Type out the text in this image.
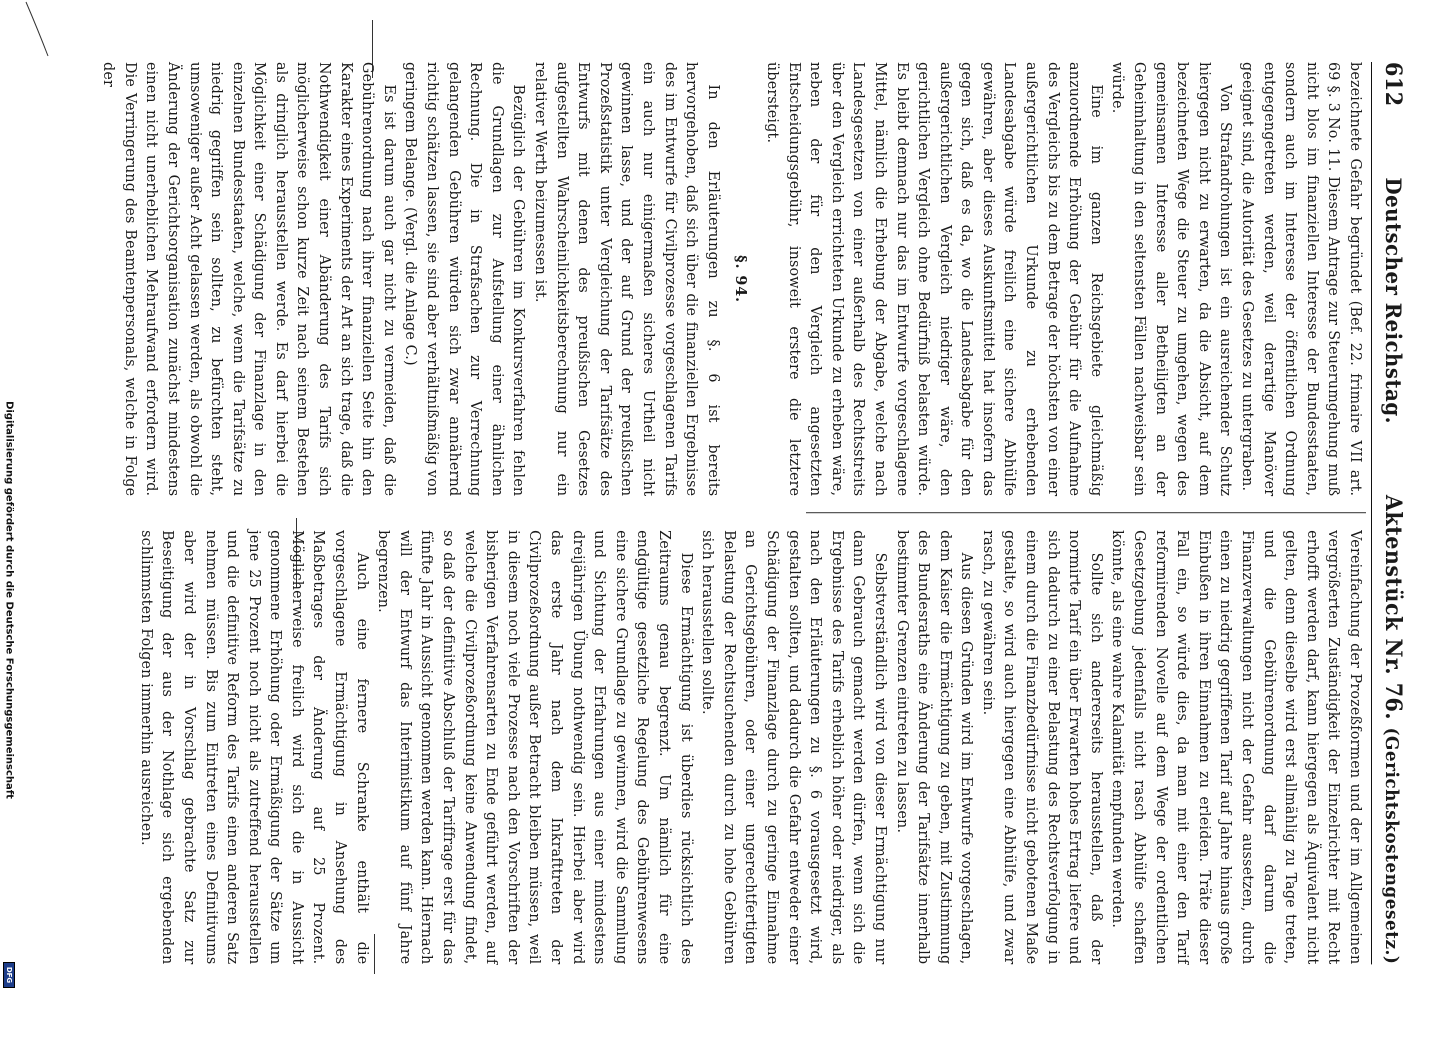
Digitalisierung gefördert durch die Deutsche Forschungsgemeinschaft
DFG
612
Deutscher Reichstag.
Aktenstück Nr. 76. (Gerichtskostengesetz.)

bezeichnete Gefahr begründet (Bef. 22. frimaire VII art. 69 §. 3 No. 11. Diesem Antrage zur Steuerumgehung muß nicht blos im finanziellen Interesse der Bundesstaaten, sondern auch im Interesse der öffentlichen Ordnung entgegengetreten werden, weil derartige Manöver geeignet sind, die Autorität des Gesetzes zu untergraben.

Von Strafandrohungen ist ein ausreichender Schutz hiergegen nicht zu erwarten, da die Absicht, auf dem bezeichneten Wege die Steuer zu umgehen, wegen des gemeinsamen Interesse aller Betheiligten an der Geheimhaltung in den seltensten Fällen nachweisbar sein würde.

Eine im ganzen Reichsgebiete gleichmäßig anzuordnende Erhöhung der Gebühr für die Aufnahme des Vergleichs bis zu dem Betrage der höchsten von einer außergerichtlichen Urkunde zu erhebenden Landesabgabe würde freilich eine sichere Abhülfe gewähren, aber dieses Auskunftsmittel hat insofern das gegen sich, daß es da, wo die Landesabgabe für den außergerichtlichen Vergleich niedriger wäre, den gerichtlichen Vergleich ohne Bedürfniß belasten würde. Es bleibt demnach nur das im Entwurfe vorgeschlagene Mittel, nämlich die Erhebung der Abgabe, welche nach Landesgesetzen von einer außerhalb des Rechtsstreits über den Vergleich errichteten Urkunde zu erheben wäre, neben der für den Vergleich angesetzten Entscheidungsgebühr, insoweit erstere die letztere übersteigt.

§. 94.

In den Erläuterungen zu §. 6 ist bereits hervorgehoben, daß sich über die finanziellen Ergebnisse des im Entwurfe für Civilprozesse vorgeschlagenen Tarifs ein auch nur einigermaßen sicheres Urtheil nicht gewinnen lasse, und der auf Grund der preußischen Prozeßstatistik unter Vergleichung der Tarifsätze des Entwurfs mit denen des preußischen Gesetzes aufgestellten Wahrscheinlichkeitsberechnung nur ein relativer Werth beizumessen ist.

Bezüglich der Gebühren im Konkursverfahren fehlen die Grundlagen zur Aufstellung einer ähnlichen Rechnung. Die in Strafsachen zur Verrechnung gelangenden Gebühren würden sich zwar annähernd richtig schätzen lassen, sie sind aber verhältnißmäßig von geringem Belange. (Vergl. die Anlage C.)

Es ist darum auch gar nicht zu vermeiden, daß die Gebührenordnung nach ihrer finanziellen Seite hin den Karakter eines Experiments der Art an sich trage, daß die Nothwendigkeit einer Abänderung des Tarifs sich möglicherweise schon kurze Zeit nach seinem Bestehen als dringlich herausstellen werde. Es darf hierbei die Möglichkeit einer Schädigung der Finanzlage in den einzelnen Bundesstaaten, welche, wenn die Tarifsätze zu niedrig gegriffen sein sollten, zu befürchten steht, umsoweniger außer Acht gelassen werden, als obwohl die Änderung der Gerichtsorganisation zunächst mindestens einen nicht unerheblichen Mehraufwand erfordern wird. Die Verringerung des Beamtenpersonals, welche in Folge der

Vereinfachung der Prozeßformen und der im Allgemeinen vergrößerten Zuständigkeit der Einzelrichter mit Recht erhofft werden darf, kann hiergegen als Äquivalent nicht gelten, denn dieselbe wird erst allmählig zu Tage treten, und die Gebührenordnung darf darum die Finanzverwaltungen nicht der Gefahr aussetzen, durch einen zu niedrig gegriffenen Tarif auf Jahre hinaus große Einbußen in ihren Einnahmen zu erleiden. Träte dieser Fall ein, so würde dies, da man mit einer den Tarif reformirenden Novelle auf dem Wege der ordentlichen Gesetzgebung jedenfalls nicht rasch Abhülfe schaffen könnte, als eine wahre Kalamität empfunden werden.

Sollte sich andererseits herausstellen, daß der normirte Tarif ein über Erwarten hohes Ertrag liefere und sich dadurch zu einer Belastung des Rechtsverfolgung in einem durch die Finanzbedürfnisse nicht gebotenen Maße gestalte, so wird auch hiergegen eine Abhülfe, und zwar rasch, zu gewähren sein.

Aus diesen Gründen wird im Entwurfe vorgeschlagen, dem Kaiser die Ermächtigung zu geben, mit Zustimmung des Bundesraths eine Änderung der Tarifsätze innerhalb bestimmter Grenzen eintreten zu lassen.

Selbstverständlich wird von dieser Ermächtigung nur dann Gebrauch gemacht werden dürfen, wenn sich die Ergebnisse des Tarifs erheblich höher oder niedriger, als nach den Erläuterungen zu §. 6 vorausgesetzt wird, gestalten sollten, und dadurch die Gefahr entweder einer Schädigung der Finanzlage durch zu geringe Einnahme an Gerichtsgebühren, oder einer ungerechtfertigten Belastung der Rechtsuchenden durch zu hohe Gebühren sich herausstellen sollte.

Diese Ermächtigung ist überdies rücksichtlich des Zeitraums genau begrenzt. Um nämlich für eine endgültige gesetzliche Regelung des Gebührenwesens eine sichere Grundlage zu gewinnen, wird die Sammlung und Sichtung der Erfahrungen aus einer mindestens dreijährigen Übung nothwendig sein. Hierbei aber wird das erste Jahr nach dem Inkrafttreten der Civilprozeßordnung außer Betracht bleiben müssen, weil in diesem noch viele Prozesse nach den Vorschriften der bisherigen Verfahrensarten zu Ende geführt werden, auf welche die Civilprozeßordnung keine Anwendung findet, so daß der definitive Abschluß der Tariffrage erst für das fünfte Jahr in Aussicht genommen werden kann. Hiernach will der Entwurf das Interimistikum auf fünf Jahre begrenzen.

Auch eine fernere Schranke enthält die vorgeschlagene Ermächtigung in Ansehung des Maßbetrages der Änderung auf 25 Prozent. Möglicherweise freilich wird sich die in Aussicht genommene Erhöhung oder Ermäßigung der Sätze um jene 25 Prozent noch nicht als zutreffend herausstellen und die definitive Reform des Tarifs einen anderen Satz nehmen müssen. Bis zum Eintreten eines Definitivums aber wird der in Vorschlag gebrachte Satz zur Beseitigung der aus der Nothlage sich ergebenden schlimmsten Folgen immerhin ausreichen.
